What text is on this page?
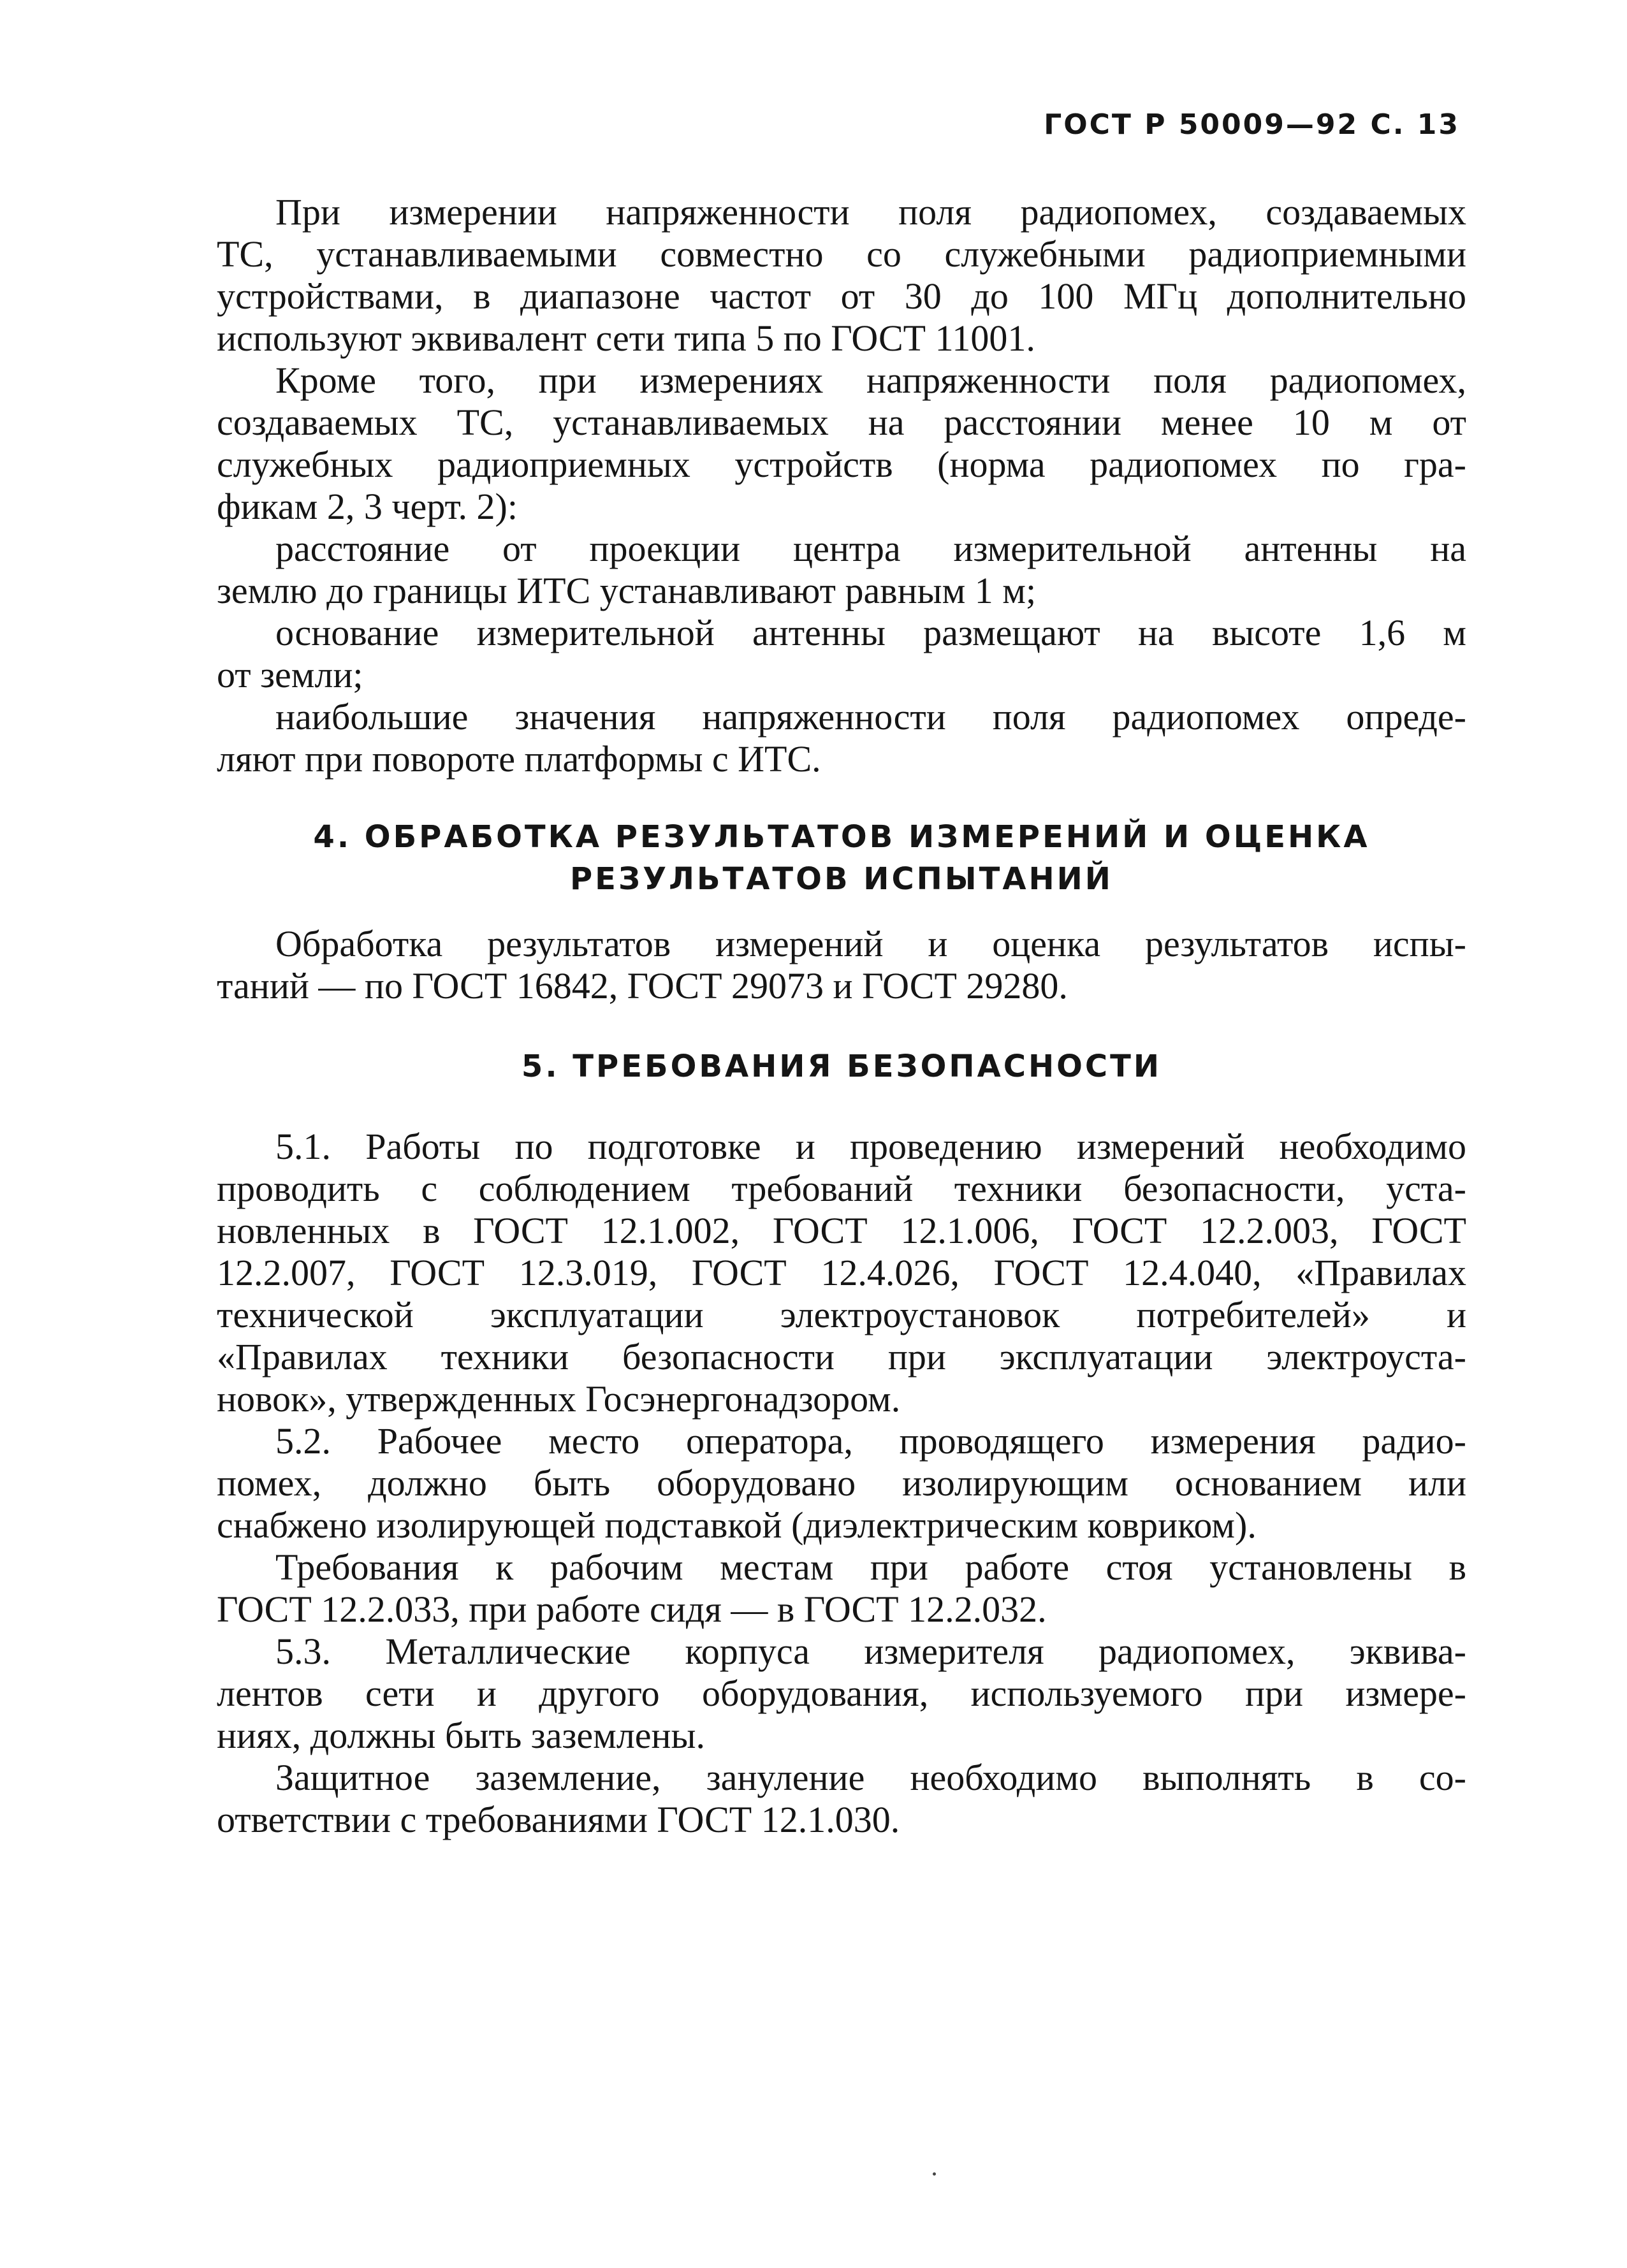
ГОСТ Р 50009—92 С. 13
При измерении напряженности поля радиопомех, создаваемых
ТС, устанавливаемыми совместно со служебными радиоприемными
устройствами, в диапазоне частот от 30 до 100 МГц дополнительно
используют эквивалент сети типа 5 по ГОСТ 11001.
Кроме того, при измерениях напряженности поля радиопомех,
создаваемых ТС, устанавливаемых на расстоянии менее 10 м от
служебных радиоприемных устройств (норма радиопомех по гра-
фикам 2, 3 черт. 2):
расстояние от проекции центра измерительной антенны на
землю до границы ИТС устанавливают равным 1 м;
основание измерительной антенны размещают на высоте 1,6 м
от земли;
наибольшие значения напряженности поля радиопомех опреде-
ляют при повороте платформы с ИТС.
4. ОБРАБОТКА РЕЗУЛЬТАТОВ ИЗМЕРЕНИЙ И ОЦЕНКА
РЕЗУЛЬТАТОВ ИСПЫТАНИЙ
Обработка результатов измерений и оценка результатов испы-
таний — по ГОСТ 16842, ГОСТ 29073 и ГОСТ 29280.
5. ТРЕБОВАНИЯ БЕЗОПАСНОСТИ
5.1. Работы по подготовке и проведению измерений необходимо
проводить с соблюдением требований техники безопасности, уста-
новленных в ГОСТ 12.1.002, ГОСТ 12.1.006, ГОСТ 12.2.003, ГОСТ
12.2.007, ГОСТ 12.3.019, ГОСТ 12.4.026, ГОСТ 12.4.040, «Правилах
технической эксплуатации электроустановок потребителей» и
«Правилах техники безопасности при эксплуатации электроуста-
новок», утвержденных Госэнергонадзором.
5.2. Рабочее место оператора, проводящего измерения радио-
помех, должно быть оборудовано изолирующим основанием или
снабжено изолирующей подставкой (диэлектрическим ковриком).
Требования к рабочим местам при работе стоя установлены в
ГОСТ 12.2.033, при работе сидя — в ГОСТ 12.2.032.
5.3. Металлические корпуса измерителя радиопомех, эквива-
лентов сети и другого оборудования, используемого при измере-
ниях, должны быть заземлены.
Защитное заземление, зануление необходимо выполнять в со-
ответствии с требованиями ГОСТ 12.1.030.
